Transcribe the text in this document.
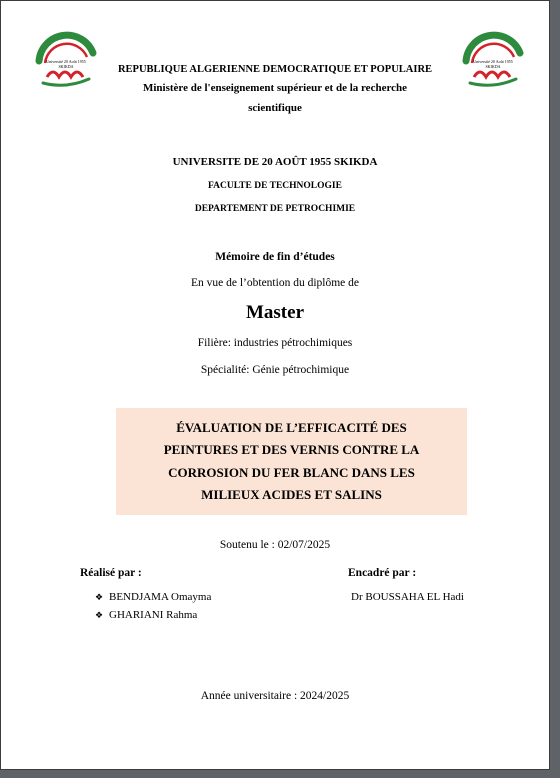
Université 20 Août 1955
SKIKDA
Université 20 Août 1955
SKIKDA
REPUBLIQUE ALGERIENNE DEMOCRATIQUE ET POPULAIRE
Ministère de l'enseignement supérieur et de la recherche
scientifique
UNIVERSITE DE 20 AOÛT 1955 SKIKDA
FACULTE DE TECHNOLOGIE
DEPARTEMENT DE PETROCHIMIE
Mémoire de fin d’études
En vue de l’obtention du diplôme de
Master
Filière: industries pétrochimiques
Spécialité: Génie pétrochimique
ÉVALUATION DE L’EFFICACITÉ DES
PEINTURES ET DES VERNIS CONTRE LA
CORROSION DU FER BLANC DANS LES
MILIEUX ACIDES ET SALINS
Soutenu le : 02/07/2025
Réalisé par :	Encadré par :
❖ BENDJAMA Omayma
❖ GHARIANI Rahma
Dr BOUSSAHA EL Hadi
Année universitaire : 2024/2025
